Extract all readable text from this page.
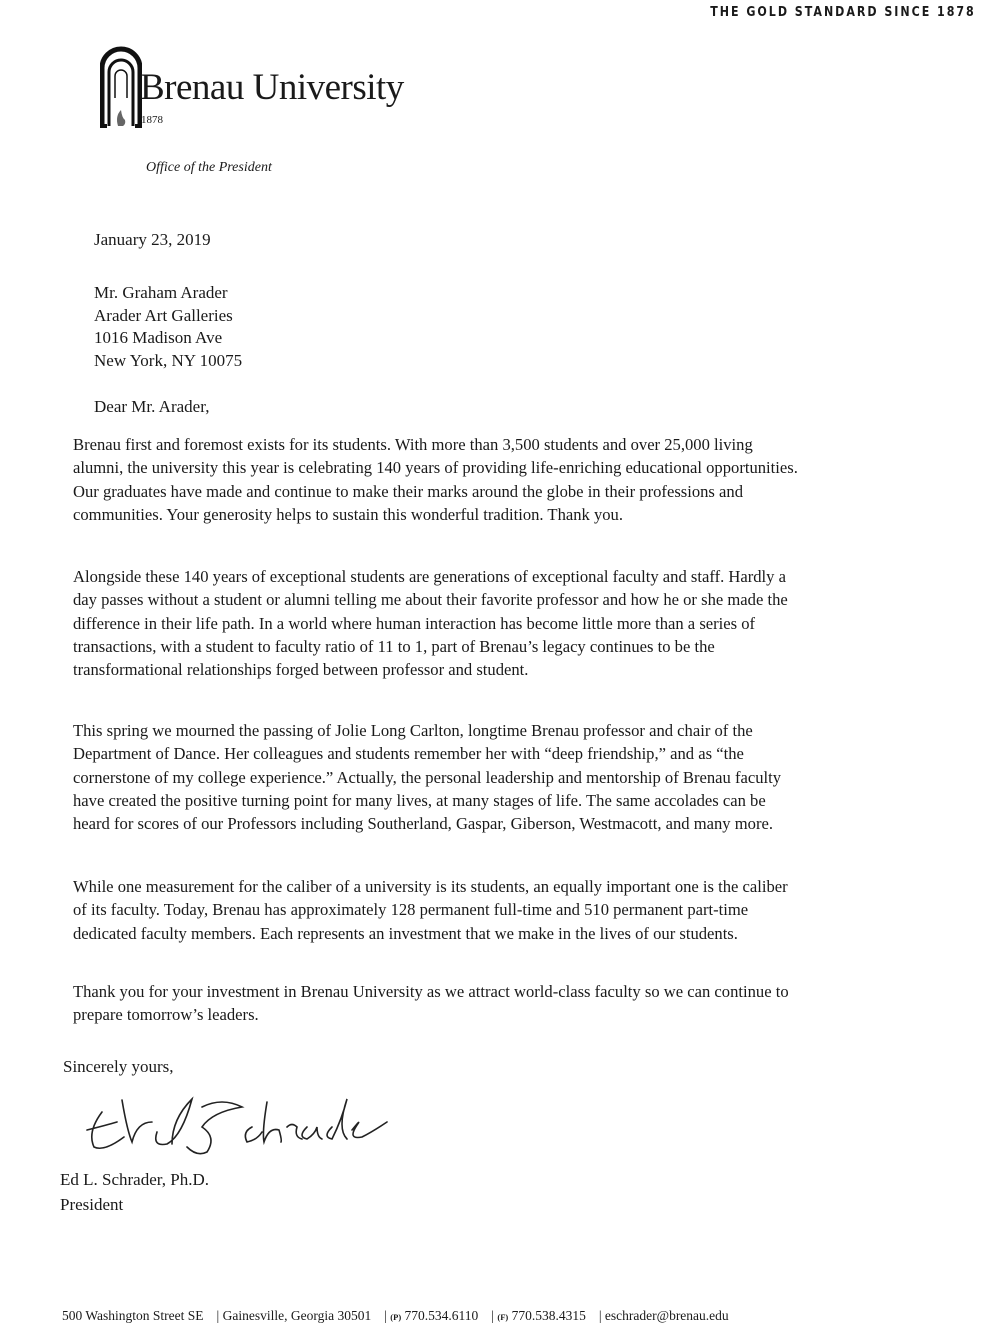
THE GOLD STANDARD SINCE 1878
Brenau University
1878
Office of the President
January 23, 2019
Mr. Graham Arader
Arader Art Galleries
1016 Madison Ave
New York, NY 10075
Dear Mr. Arader,
Brenau first and foremost exists for its students. With more than 3,500 students and over 25,000 living
alumni, the university this year is celebrating 140 years of providing life-enriching educational opportunities.
Our graduates have made and continue to make their marks around the globe in their professions and
communities. Your generosity helps to sustain this wonderful tradition. Thank you.
Alongside these 140 years of exceptional students are generations of exceptional faculty and staff. Hardly a
day passes without a student or alumni telling me about their favorite professor and how he or she made the
difference in their life path. In a world where human interaction has become little more than a series of
transactions, with a student to faculty ratio of 11 to 1, part of Brenau’s legacy continues to be the
transformational relationships forged between professor and student.
This spring we mourned the passing of Jolie Long Carlton, longtime Brenau professor and chair of the
Department of Dance. Her colleagues and students remember her with “deep friendship,” and as “the
cornerstone of my college experience.” Actually, the personal leadership and mentorship of Brenau faculty
have created the positive turning point for many lives, at many stages of life. The same accolades can be
heard for scores of our Professors including Southerland, Gaspar, Giberson, Westmacott, and many more.
While one measurement for the caliber of a university is its students, an equally important one is the caliber
of its faculty. Today, Brenau has approximately 128 permanent full-time and 510 permanent part-time
dedicated faculty members. Each represents an investment that we make in the lives of our students.
Thank you for your investment in Brenau University as we attract world-class faculty so we can continue to
prepare tomorrow’s leaders.
Sincerely yours,
Ed L. Schrader, Ph.D.
President
500 Washington Street SE | Gainesville, Georgia 30501 | (P) 770.534.6110 | (F) 770.538.4315 | eschrader@brenau.edu
